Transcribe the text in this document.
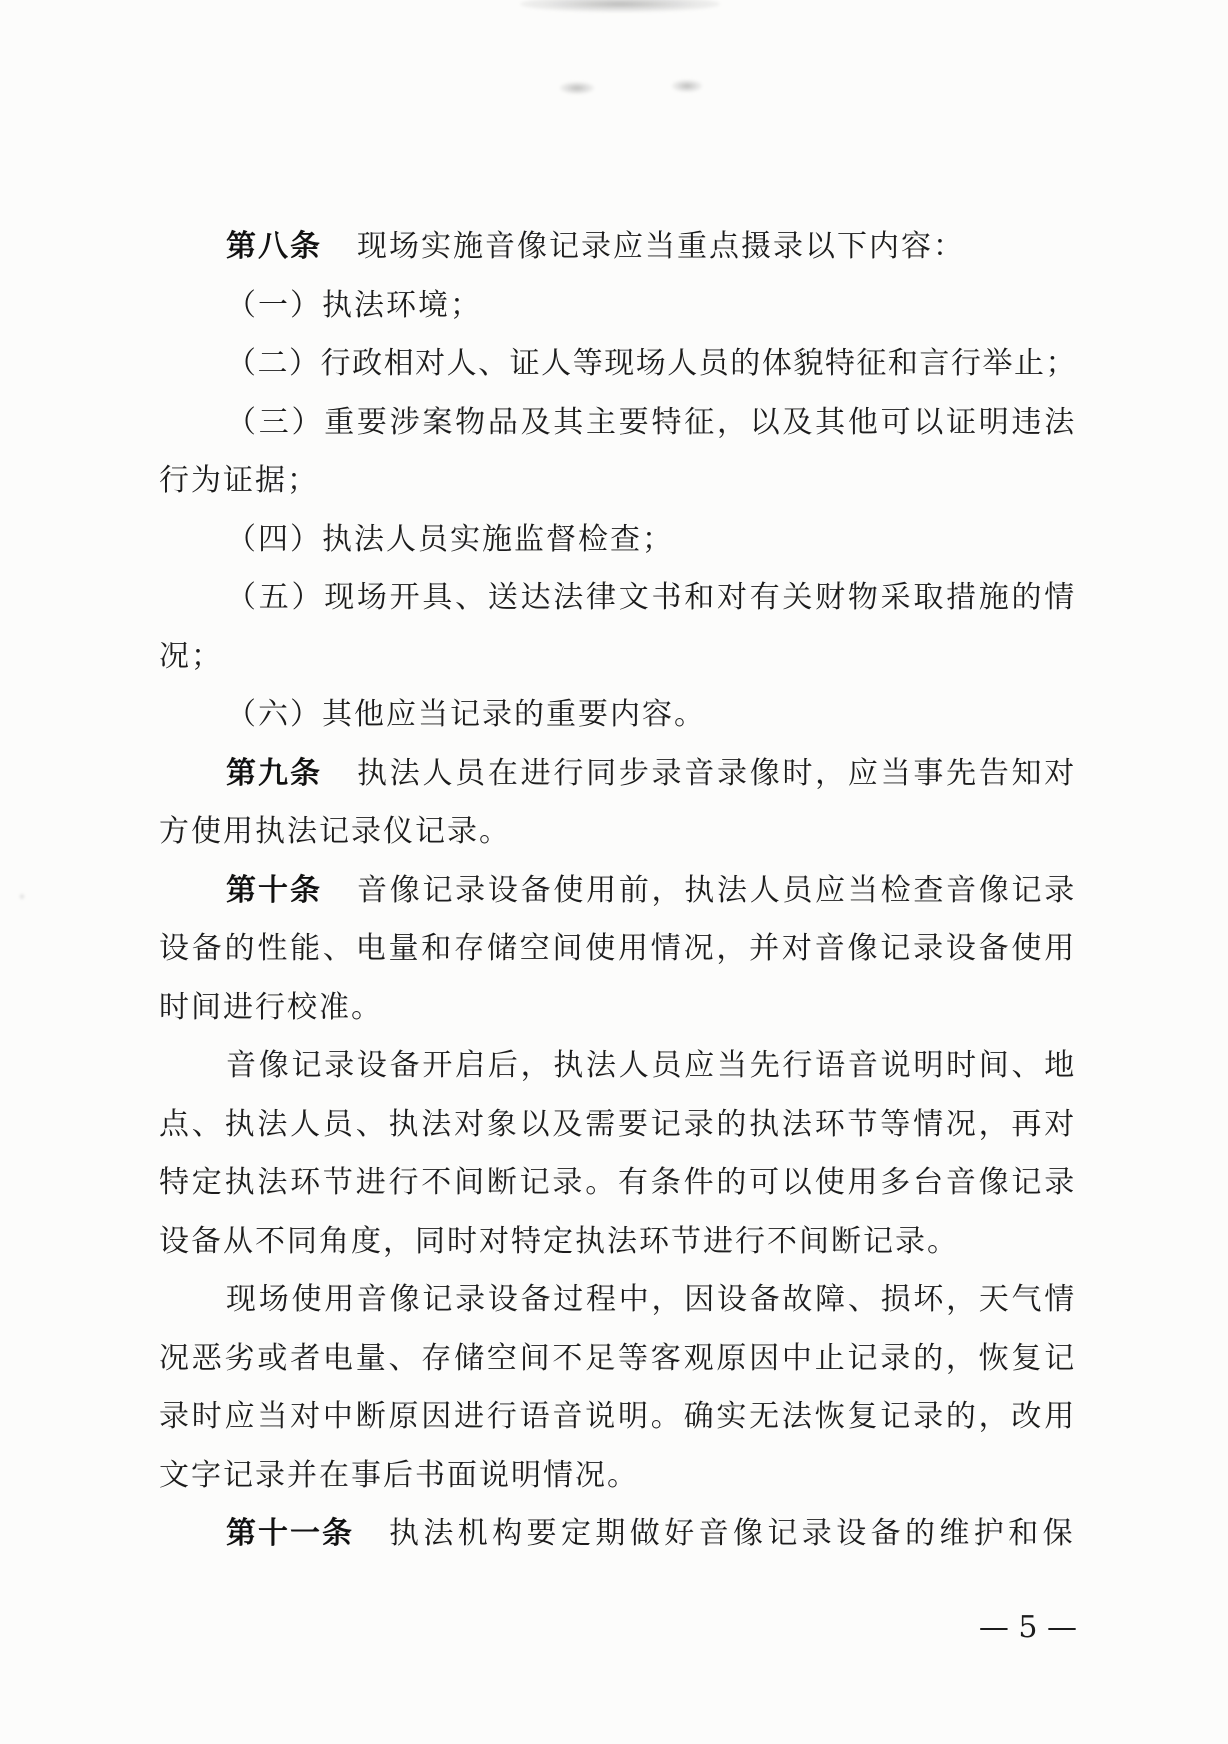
第八条 现场实施音像记录应当重点摄录以下内容：
（一）执法环境；
（二）行政相对人、证人等现场人员的体貌特征和言行举止；
（三）重要涉案物品及其主要特征，以及其他可以证明违法
行为证据；
（四）执法人员实施监督检查；
（五）现场开具、送达法律文书和对有关财物采取措施的情
况；
（六）其他应当记录的重要内容。
第九条 执法人员在进行同步录音录像时，应当事先告知对
方使用执法记录仪记录。
第十条 音像记录设备使用前，执法人员应当检查音像记录
设备的性能、电量和存储空间使用情况，并对音像记录设备使用
时间进行校准。
音像记录设备开启后，执法人员应当先行语音说明时间、地
点、执法人员、执法对象以及需要记录的执法环节等情况，再对
特定执法环节进行不间断记录。有条件的可以使用多台音像记录
设备从不同角度，同时对特定执法环节进行不间断记录。
现场使用音像记录设备过程中，因设备故障、损坏，天气情
况恶劣或者电量、存储空间不足等客观原因中止记录的，恢复记
录时应当对中断原因进行语音说明。确实无法恢复记录的，改用
文字记录并在事后书面说明情况。
第十一条 执法机构要定期做好音像记录设备的维护和保
— 5 —
